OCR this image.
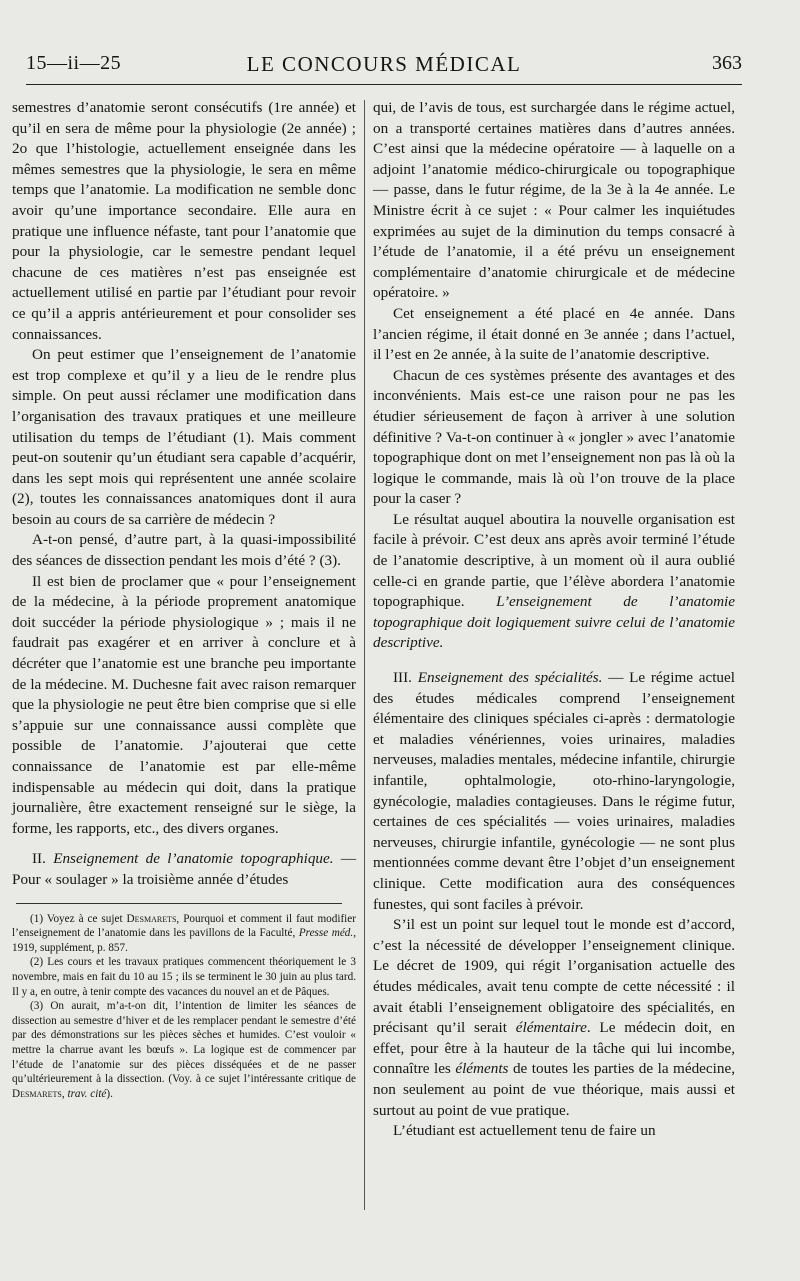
15—ii—25	LE CONCOURS MÉDICAL	363

semestres d’anatomie seront consécutifs (1re année) et qu’il en sera de même pour la physiologie (2e année) ; 2o que l’histologie, actuellement enseignée dans les mêmes semestres que la physiologie, le sera en même temps que l’anatomie. La modification ne semble donc avoir qu’une importance secondaire. Elle aura en pratique une influence néfaste, tant pour l’anatomie que pour la physiologie, car le semestre pendant lequel chacune de ces matières n’est pas enseignée est actuellement utilisé en partie par l’étudiant pour revoir ce qu’il a appris antérieurement et pour consolider ses connaissances.

On peut estimer que l’enseignement de l’anatomie est trop complexe et qu’il y a lieu de le rendre plus simple. On peut aussi réclamer une modification dans l’organisation des travaux pratiques et une meilleure utilisation du temps de l’étudiant (1). Mais comment peut-on soutenir qu’un étudiant sera capable d’acquérir, dans les sept mois qui représentent une année scolaire (2), toutes les connaissances anatomiques dont il aura besoin au cours de sa carrière de médecin ?

A-t-on pensé, d’autre part, à la quasi-impossibilité des séances de dissection pendant les mois d’été ? (3).

Il est bien de proclamer que « pour l’enseignement de la médecine, à la période proprement anatomique doit succéder la période physiologique » ; mais il ne faudrait pas exagérer et en arriver à conclure et à décréter que l’anatomie est une branche peu importante de la médecine. M. Duchesne fait avec raison remarquer que la physiologie ne peut être bien comprise que si elle s’appuie sur une connaissance aussi complète que possible de l’anatomie. J’ajouterai que cette connaissance de l’anatomie est par elle-même indispensable au médecin qui doit, dans la pratique journalière, être exactement renseigné sur le siège, la forme, les rapports, etc., des divers organes.

II. Enseignement de l’anatomie topographique. — Pour « soulager » la troisième année d’études

(1) Voyez à ce sujet Desmarets, Pourquoi et comment il faut modifier l’enseignement de l’anatomie dans les pavillons de la Faculté, Presse méd., 1919, supplément, p. 857.

(2) Les cours et les travaux pratiques commencent théoriquement le 3 novembre, mais en fait du 10 au 15 ; ils se terminent le 30 juin au plus tard. Il y a, en outre, à tenir compte des vacances du nouvel an et de Pâques.

(3) On aurait, m’a-t-on dit, l’intention de limiter les séances de dissection au semestre d’hiver et de les remplacer pendant le semestre d’été par des démonstrations sur les pièces sèches et humides. C’est vouloir « mettre la charrue avant les bœufs ». La logique est de commencer par l’étude de l’anatomie sur des pièces disséquées et de ne passer qu’ultérieurement à la dissection. (Voy. à ce sujet l’intéressante critique de Desmarets, trav. cité).

qui, de l’avis de tous, est surchargée dans le régime actuel, on a transporté certaines matières dans d’autres années. C’est ainsi que la médecine opératoire — à laquelle on a adjoint l’anatomie médico-chirurgicale ou topographique — passe, dans le futur régime, de la 3e à la 4e année. Le Ministre écrit à ce sujet : « Pour calmer les inquiétudes exprimées au sujet de la diminution du temps consacré à l’étude de l’anatomie, il a été prévu un enseignement complémentaire d’anatomie chirurgicale et de médecine opératoire. »

Cet enseignement a été placé en 4e année. Dans l’ancien régime, il était donné en 3e année ; dans l’actuel, il l’est en 2e année, à la suite de l’anatomie descriptive.

Chacun de ces systèmes présente des avantages et des inconvénients. Mais est-ce une raison pour ne pas les étudier sérieusement de façon à arriver à une solution définitive ? Va-t-on continuer à « jongler » avec l’anatomie topographique dont on met l’enseignement non pas là où la logique le commande, mais là où l’on trouve de la place pour la caser ?

Le résultat auquel aboutira la nouvelle organisation est facile à prévoir. C’est deux ans après avoir terminé l’étude de l’anatomie descriptive, à un moment où il aura oublié celle-ci en grande partie, que l’élève abordera l’anatomie topographique. L’enseignement de l’anatomie topographique doit logiquement suivre celui de l’anatomie descriptive.

III. Enseignement des spécialités. — Le régime actuel des études médicales comprend l’enseignement élémentaire des cliniques spéciales ci-après : dermatologie et maladies vénériennes, voies urinaires, maladies nerveuses, maladies mentales, médecine infantile, chirurgie infantile, ophtalmologie, oto-rhino-laryngologie, gynécologie, maladies contagieuses. Dans le régime futur, certaines de ces spécialités — voies urinaires, maladies nerveuses, chirurgie infantile, gynécologie — ne sont plus mentionnées comme devant être l’objet d’un enseignement clinique. Cette modification aura des conséquences funestes, qui sont faciles à prévoir.

S’il est un point sur lequel tout le monde est d’accord, c’est la nécessité de développer l’enseignement clinique. Le décret de 1909, qui régit l’organisation actuelle des études médicales, avait tenu compte de cette nécessité : il avait établi l’enseignement obligatoire des spécialités, en précisant qu’il serait élémentaire. Le médecin doit, en effet, pour être à la hauteur de la tâche qui lui incombe, connaître les éléments de toutes les parties de la médecine, non seulement au point de vue théorique, mais aussi et surtout au point de vue pratique.

L’étudiant est actuellement tenu de faire un
